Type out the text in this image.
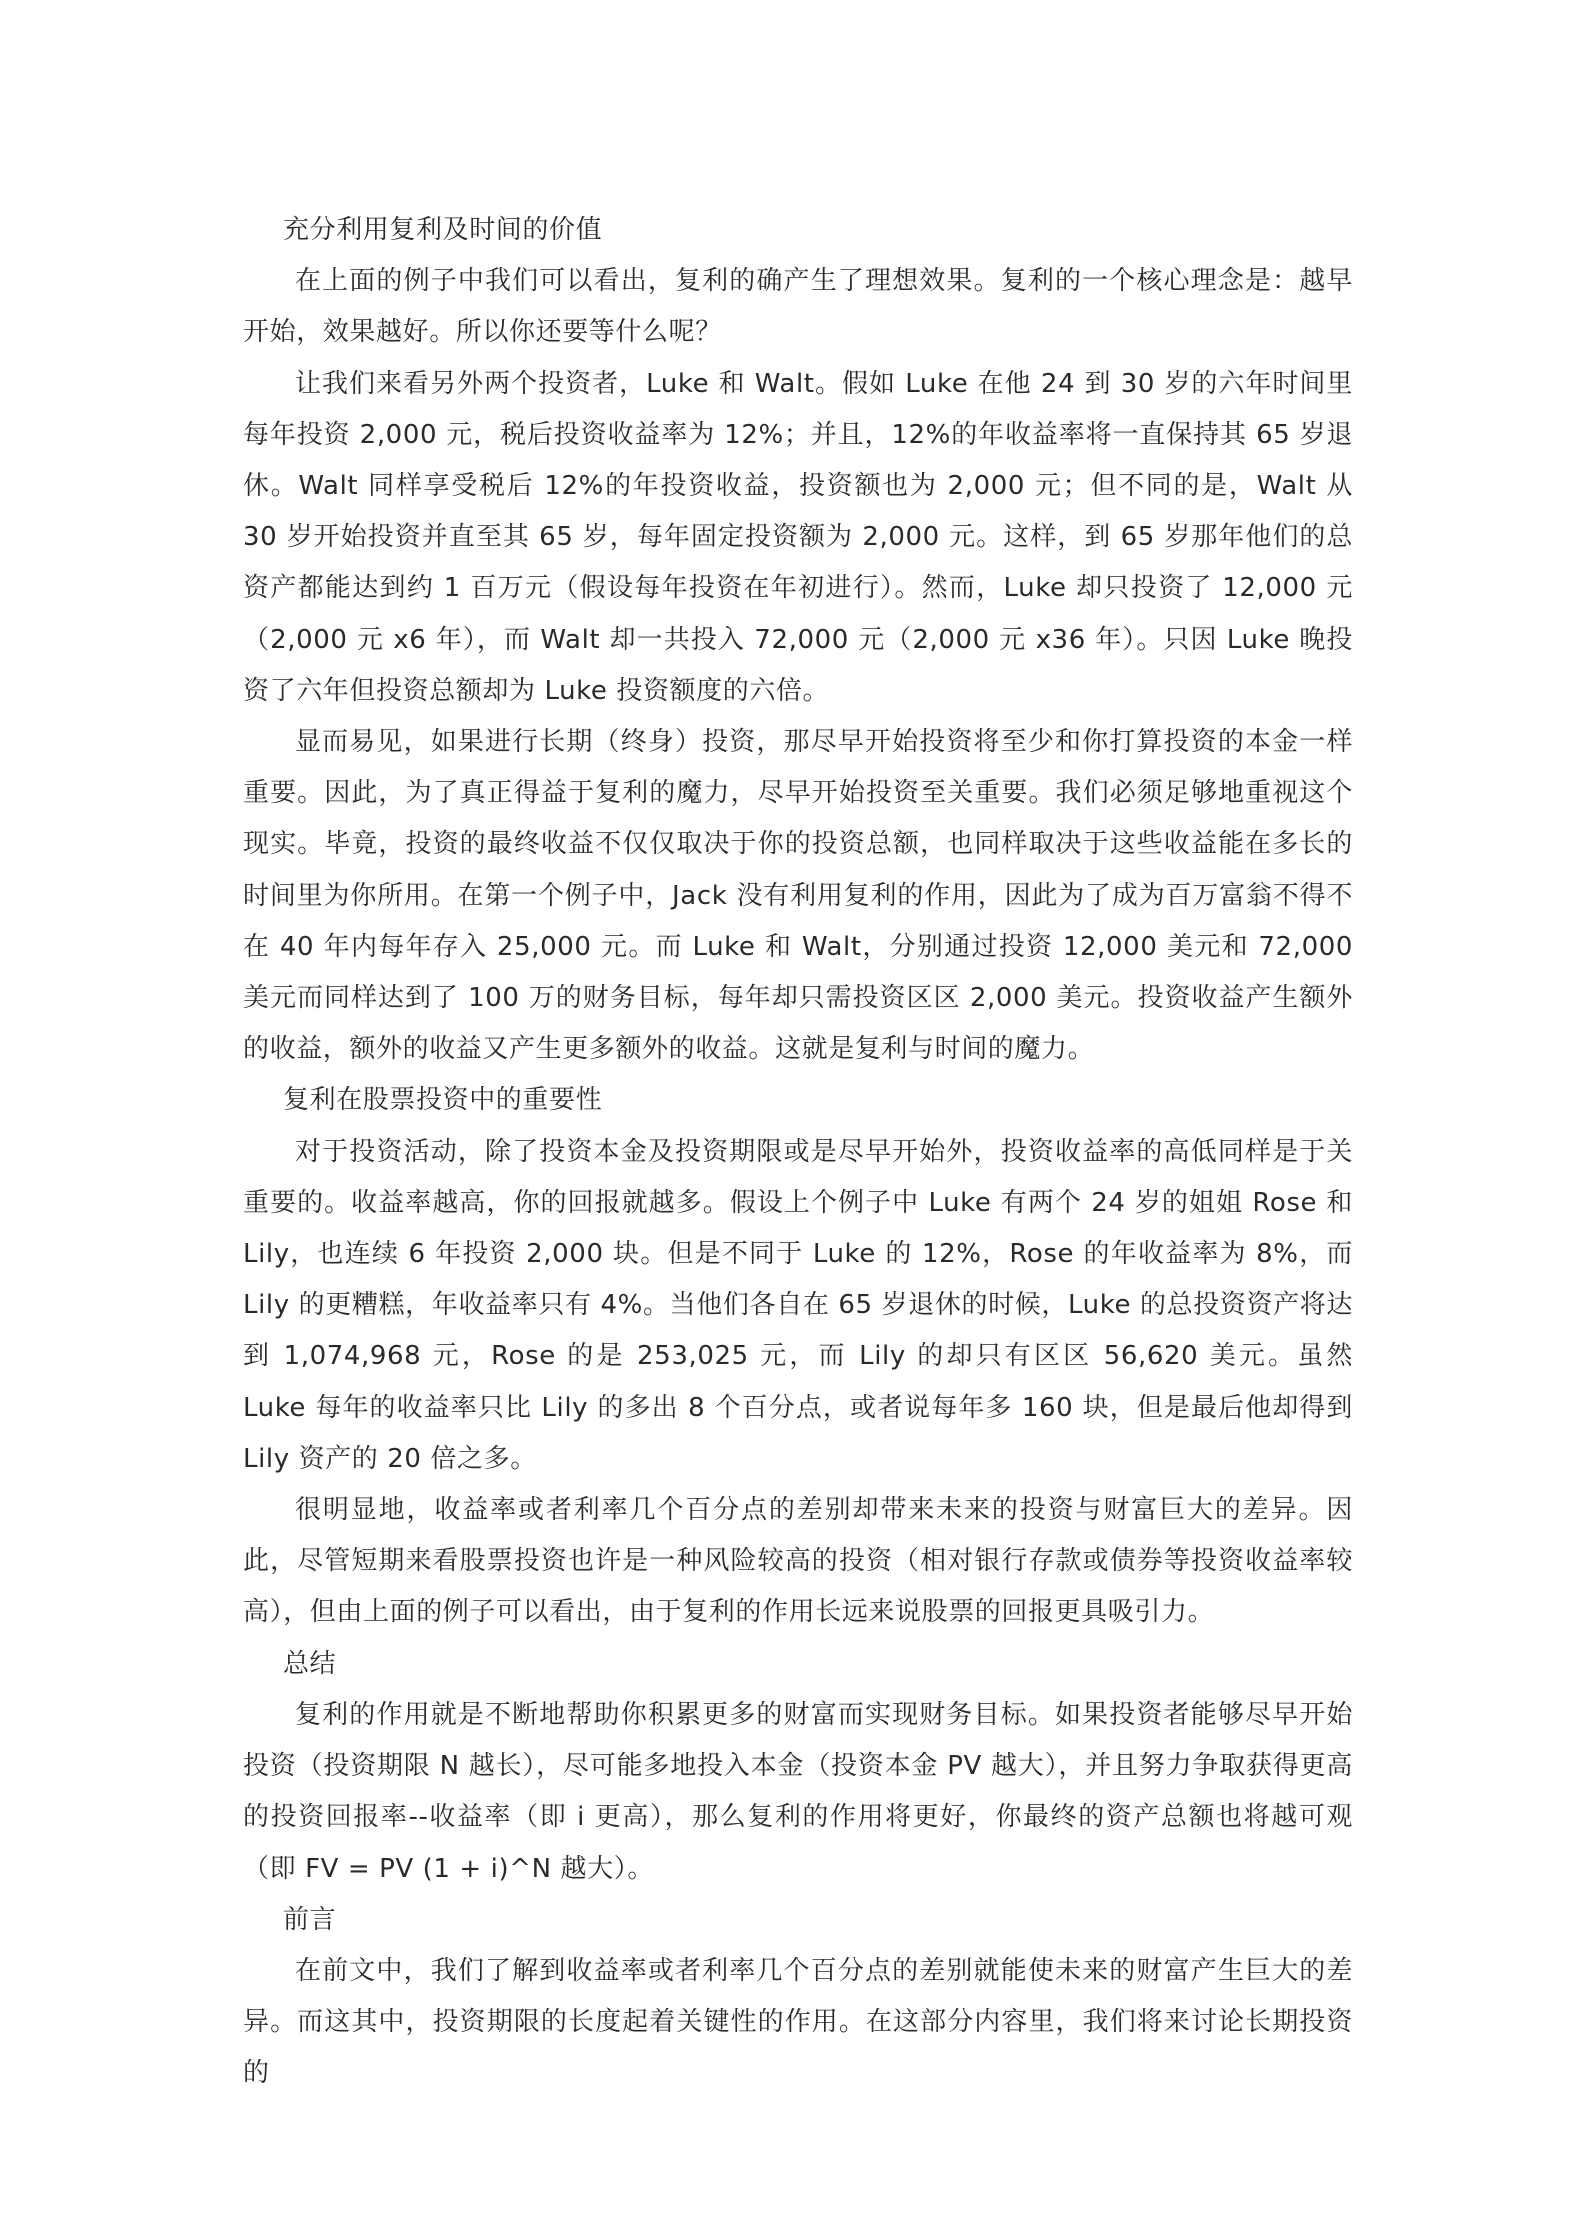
充分利用复利及时间的价值

在上面的例子中我们可以看出，复利的确产生了理想效果。复利的一个核心理念是：越早开始，效果越好。所以你还要等什么呢？

让我们来看另外两个投资者，Luke 和 Walt。假如 Luke 在他 24 到 30 岁的六年时间里每年投资 2,000 元，税后投资收益率为 12%；并且，12%的年收益率将一直保持其 65 岁退休。Walt 同样享受税后 12%的年投资收益，投资额也为 2,000 元；但不同的是，Walt 从 30 岁开始投资并直至其 65 岁，每年固定投资额为 2,000 元。这样，到 65 岁那年他们的总资产都能达到约 1 百万元（假设每年投资在年初进行）。然而，Luke 却只投资了 12,000 元（2,000 元 x6 年），而 Walt 却一共投入 72,000 元（2,000 元 x36 年）。只因 Luke 晚投资了六年但投资总额却为 Luke 投资额度的六倍。

显而易见，如果进行长期（终身）投资，那尽早开始投资将至少和你打算投资的本金一样重要。因此，为了真正得益于复利的魔力，尽早开始投资至关重要。我们必须足够地重视这个现实。毕竟，投资的最终收益不仅仅取决于你的投资总额，也同样取决于这些收益能在多长的时间里为你所用。在第一个例子中，Jack 没有利用复利的作用，因此为了成为百万富翁不得不在 40 年内每年存入 25,000 元。而 Luke 和 Walt，分别通过投资 12,000 美元和 72,000 美元而同样达到了 100 万的财务目标，每年却只需投资区区 2,000 美元。投资收益产生额外的收益，额外的收益又产生更多额外的收益。这就是复利与时间的魔力。

复利在股票投资中的重要性

对于投资活动，除了投资本金及投资期限或是尽早开始外，投资收益率的高低同样是于关重要的。收益率越高，你的回报就越多。假设上个例子中 Luke 有两个 24 岁的姐姐 Rose 和 Lily，也连续 6 年投资 2,000 块。但是不同于 Luke 的 12%，Rose 的年收益率为 8%，而 Lily 的更糟糕，年收益率只有 4%。当他们各自在 65 岁退休的时候，Luke 的总投资资产将达到 1,074,968 元，Rose 的是 253,025 元，而 Lily 的却只有区区 56,620 美元。虽然 Luke 每年的收益率只比 Lily 的多出 8 个百分点，或者说每年多 160 块，但是最后他却得到 Lily 资产的 20 倍之多。

很明显地，收益率或者利率几个百分点的差别却带来未来的投资与财富巨大的差异。因此，尽管短期来看股票投资也许是一种风险较高的投资（相对银行存款或债券等投资收益率较高），但由上面的例子可以看出，由于复利的作用长远来说股票的回报更具吸引力。

总结

复利的作用就是不断地帮助你积累更多的财富而实现财务目标。如果投资者能够尽早开始投资（投资期限 N 越长），尽可能多地投入本金（投资本金 PV 越大），并且努力争取获得更高的投资回报率--收益率（即 i 更高），那么复利的作用将更好，你最终的资产总额也将越可观（即 FV = PV (1 + i)^N 越大）。

前言

在前文中，我们了解到收益率或者利率几个百分点的差别就能使未来的财富产生巨大的差异。而这其中，投资期限的长度起着关键性的作用。在这部分内容里，我们将来讨论长期投资的
